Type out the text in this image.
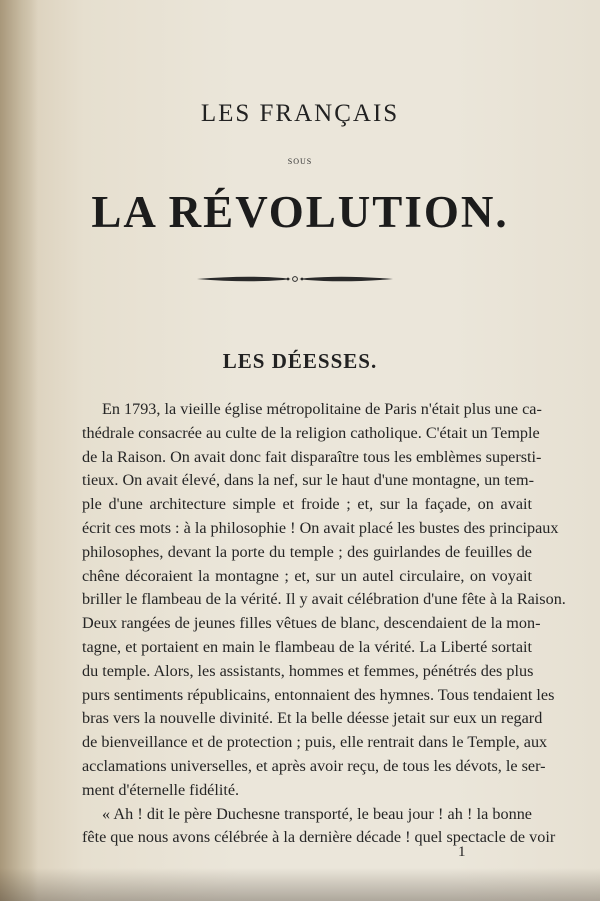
LES FRANÇAIS
SOUS
LA RÉVOLUTION.
LES DÉESSES.
En 1793, la vieille église métropolitaine de Paris n'était plus une ca-
thédrale consacrée au culte de la religion catholique. C'était un Temple
de la Raison. On avait donc fait disparaître tous les emblèmes supersti-
tieux. On avait élevé, dans la nef, sur le haut d'une montagne, un tem-
ple d'une architecture simple et froide ; et, sur la façade, on avait
écrit ces mots : à la philosophie ! On avait placé les bustes des principaux
philosophes, devant la porte du temple ; des guirlandes de feuilles de
chêne décoraient la montagne ; et, sur un autel circulaire, on voyait
briller le flambeau de la vérité. Il y avait célébration d'une fête à la Raison.
Deux rangées de jeunes filles vêtues de blanc, descendaient de la mon-
tagne, et portaient en main le flambeau de la vérité. La Liberté sortait
du temple. Alors, les assistants, hommes et femmes, pénétrés des plus
purs sentiments républicains, entonnaient des hymnes. Tous tendaient les
bras vers la nouvelle divinité. Et la belle déesse jetait sur eux un regard
de bienveillance et de protection ; puis, elle rentrait dans le Temple, aux
acclamations universelles, et après avoir reçu, de tous les dévots, le ser-
ment d'éternelle fidélité.
« Ah ! dit le père Duchesne transporté, le beau jour ! ah ! la bonne
fête que nous avons célébrée à la dernière décade ! quel spectacle de voir
1
